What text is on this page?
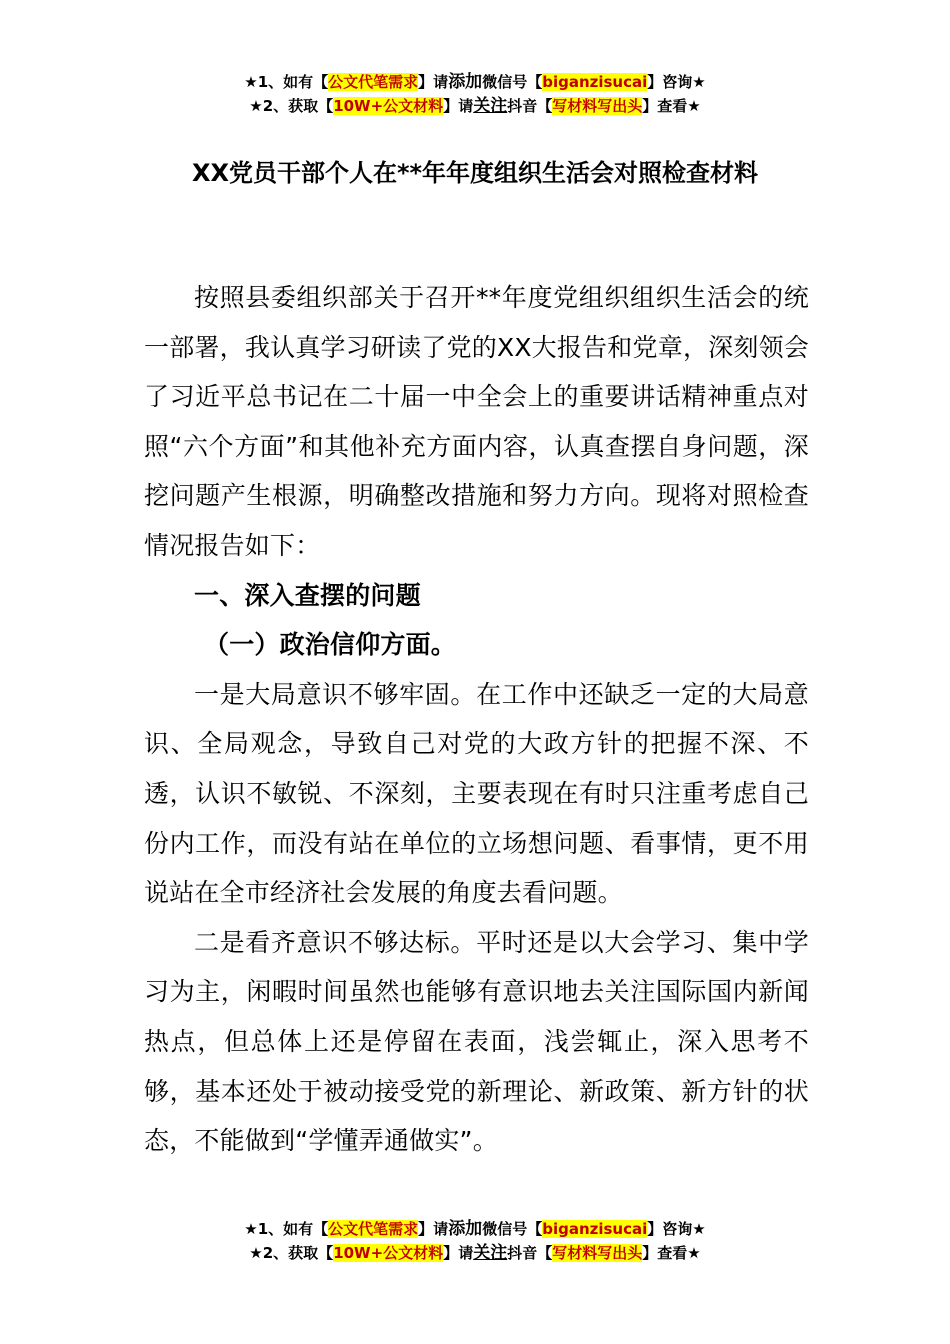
★1、如有【公文代笔需求】请添加微信号【biganzisucai】咨询★
★2、获取【10W+公文材料】请关注抖音【写材料写出头】查看★
XX党员干部个人在**年年度组织生活会对照检查材料

按照县委组织部关于召开**年度党组织组织生活会的统一部署，我认真学习研读了党的XX大报告和党章，深刻领会了习近平总书记在二十届一中全会上的重要讲话精神重点对照“六个方面”和其他补充方面内容，认真查摆自身问题，深挖问题产生根源，明确整改措施和努力方向。现将对照检查情况报告如下：

一、深入查摆的问题

（一）政治信仰方面。

一是大局意识不够牢固。在工作中还缺乏一定的大局意识、全局观念，导致自己对党的大政方针的把握不深、不透，认识不敏锐、不深刻，主要表现在有时只注重考虑自己份内工作，而没有站在单位的立场想问题、看事情，更不用说站在全市经济社会发展的角度去看问题。

二是看齐意识不够达标。平时还是以大会学习、集中学习为主，闲暇时间虽然也能够有意识地去关注国际国内新闻热点，但总体上还是停留在表面，浅尝辄止，深入思考不够，基本还处于被动接受党的新理论、新政策、新方针的状态，不能做到“学懂弄通做实”。

★1、如有【公文代笔需求】请添加微信号【biganzisucai】咨询★
★2、获取【10W+公文材料】请关注抖音【写材料写出头】查看★
